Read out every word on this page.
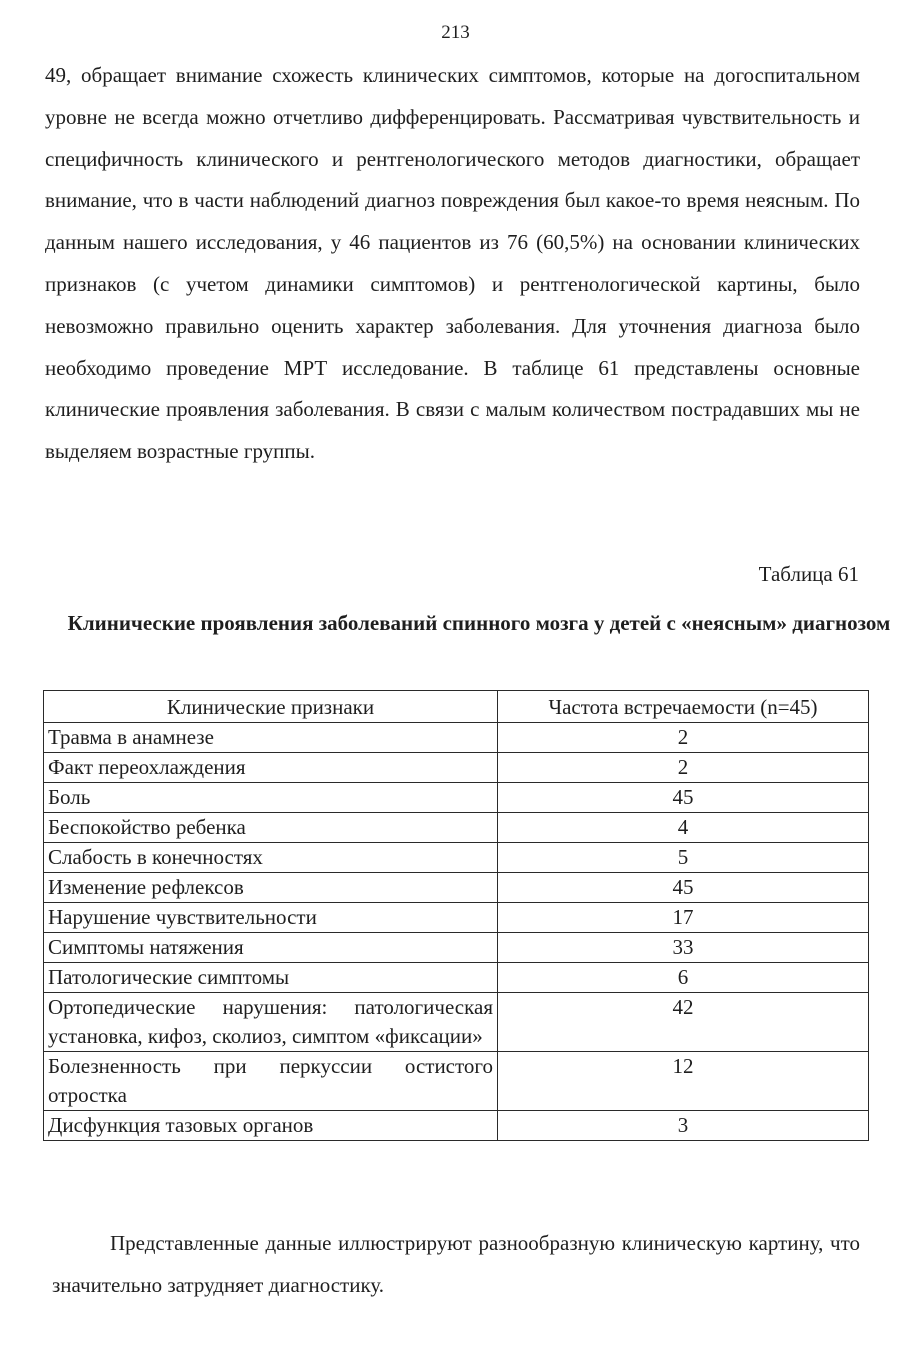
213

49, обращает внимание схожесть клинических симптомов, которые на догоспитальном уровне не всегда можно отчетливо дифференцировать. Рассматривая чувствительность и специфичность клинического и рентгенологического методов диагностики, обращает внимание, что в части наблюдений диагноз повреждения был какое-то время неясным. По данным нашего исследования, у 46 пациентов из 76 (60,5%) на основании клинических признаков (с учетом динамики симптомов) и рентгенологической картины, было невозможно правильно оценить характер заболевания. Для уточнения диагноза было необходимо проведение МРТ исследование. В таблице 61 представлены основные клинические проявления заболевания. В связи с малым количеством пострадавших мы не выделяем возрастные группы.

Таблица 61

Клинические проявления заболеваний спинного мозга у детей с «неясным» диагнозом

Клинические признаки	Частота встречаемости (n=45)
Травма в анамнезе	2
Факт переохлаждения	2
Боль	45
Беспокойство ребенка	4
Слабость в конечностях	5
Изменение рефлексов	45
Нарушение чувствительности	17
Симптомы натяжения	33
Патологические симптомы	6
Ортопедические нарушения: патологическая установка, кифоз, сколиоз, симптом «фиксации»	42
Болезненность при перкуссии остистого отростка	12
Дисфункция тазовых органов	3

Представленные данные иллюстрируют разнообразную клиническую картину, что значительно затрудняет диагностику.
